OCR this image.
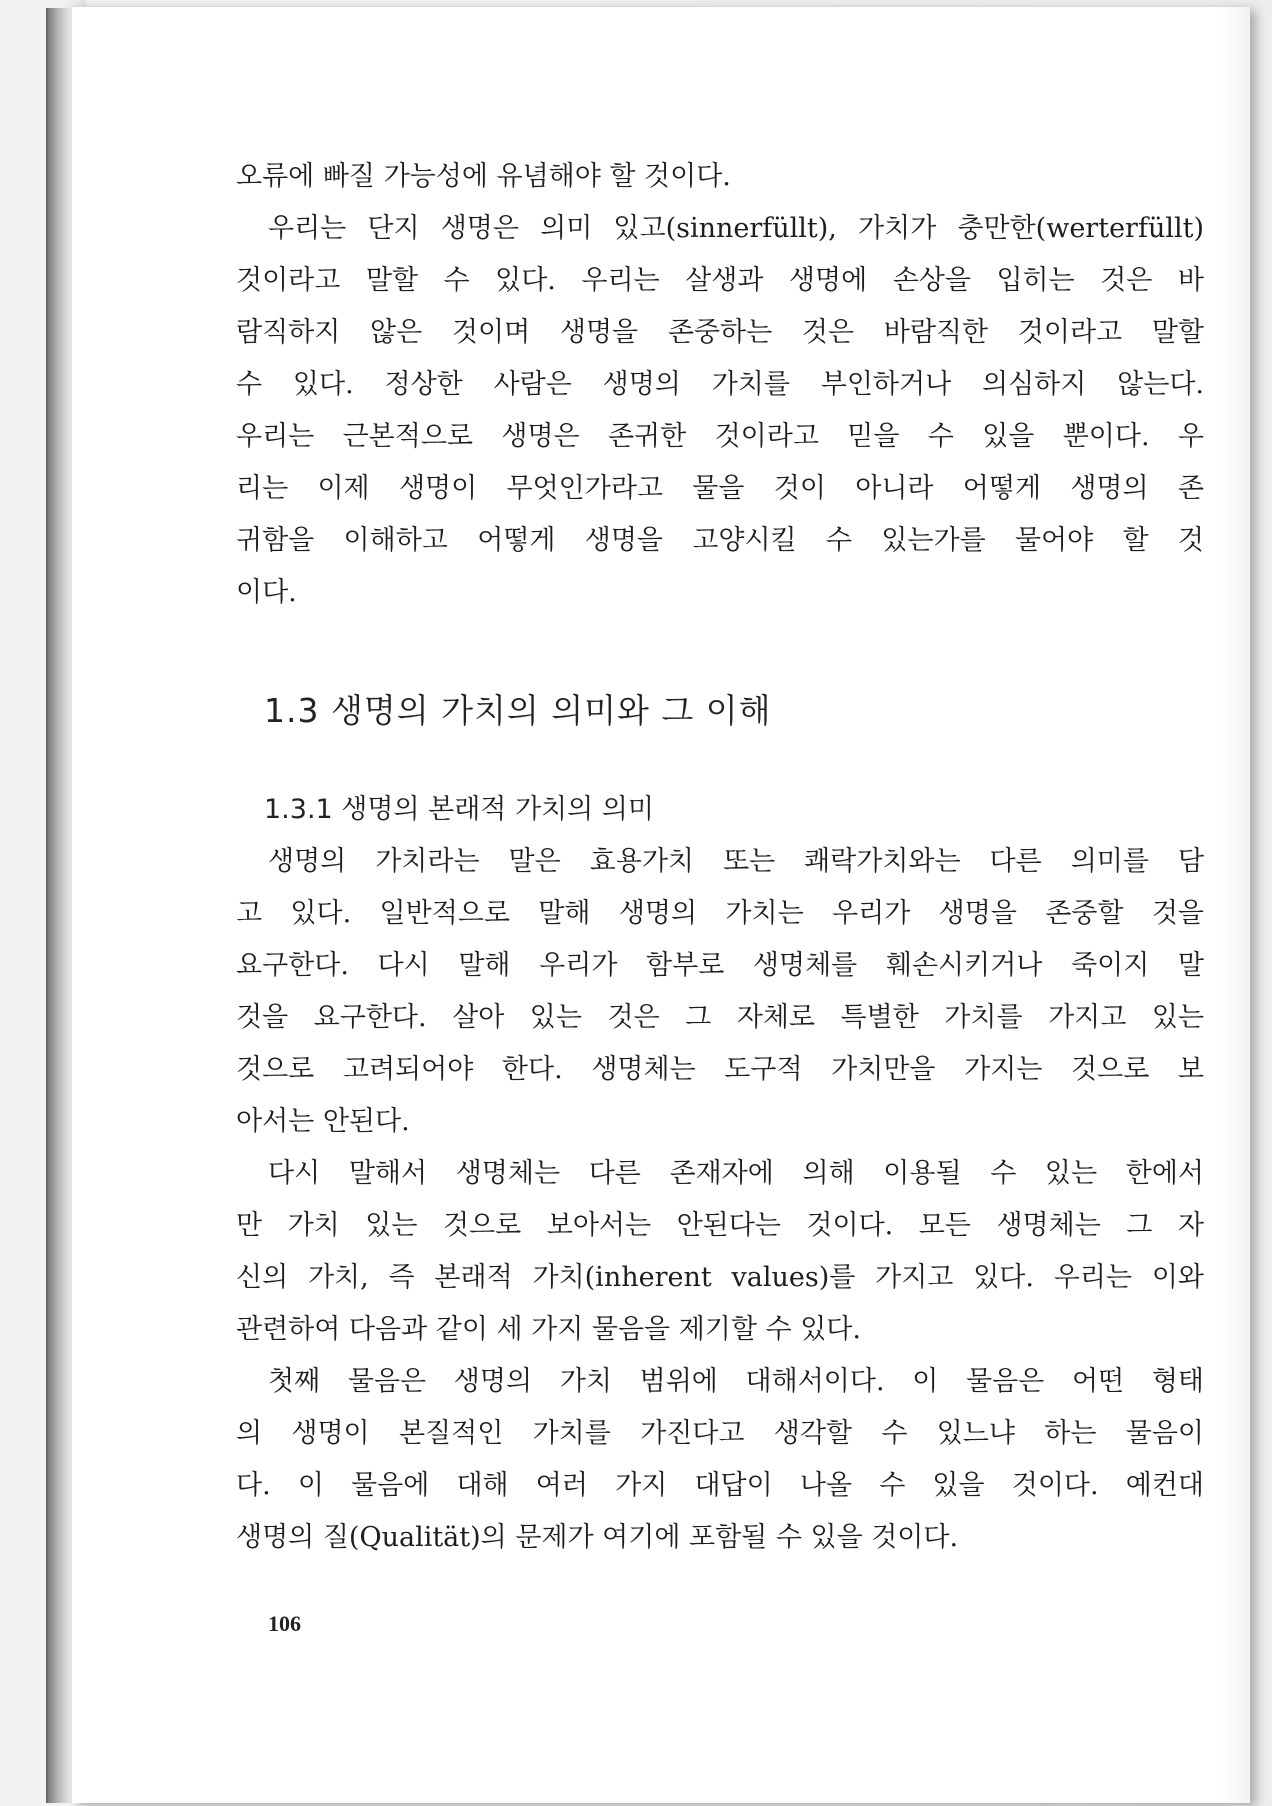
오류에 빠질 가능성에 유념해야 할 것이다.
우리는 단지 생명은 의미 있고(sinnerfüllt), 가치가 충만한(werterfüllt)
것이라고 말할 수 있다. 우리는 살생과 생명에 손상을 입히는 것은 바
람직하지 않은 것이며 생명을 존중하는 것은 바람직한 것이라고 말할
수 있다. 정상한 사람은 생명의 가치를 부인하거나 의심하지 않는다.
우리는 근본적으로 생명은 존귀한 것이라고 믿을 수 있을 뿐이다. 우
리는 이제 생명이 무엇인가라고 물을 것이 아니라 어떻게 생명의 존
귀함을 이해하고 어떻게 생명을 고양시킬 수 있는가를 물어야 할 것
이다.
1.3 생명의 가치의 의미와 그 이해
1.3.1 생명의 본래적 가치의 의미
생명의 가치라는 말은 효용가치 또는 쾌락가치와는 다른 의미를 담
고 있다. 일반적으로 말해 생명의 가치는 우리가 생명을 존중할 것을
요구한다. 다시 말해 우리가 함부로 생명체를 훼손시키거나 죽이지 말
것을 요구한다. 살아 있는 것은 그 자체로 특별한 가치를 가지고 있는
것으로 고려되어야 한다. 생명체는 도구적 가치만을 가지는 것으로 보
아서는 안된다.
다시 말해서 생명체는 다른 존재자에 의해 이용될 수 있는 한에서
만 가치 있는 것으로 보아서는 안된다는 것이다. 모든 생명체는 그 자
신의 가치, 즉 본래적 가치(inherent values)를 가지고 있다. 우리는 이와
관련하여 다음과 같이 세 가지 물음을 제기할 수 있다.
첫째 물음은 생명의 가치 범위에 대해서이다. 이 물음은 어떤 형태
의 생명이 본질적인 가치를 가진다고 생각할 수 있느냐 하는 물음이
다. 이 물음에 대해 여러 가지 대답이 나올 수 있을 것이다. 예컨대
생명의 질(Qualität)의 문제가 여기에 포함될 수 있을 것이다.
106
